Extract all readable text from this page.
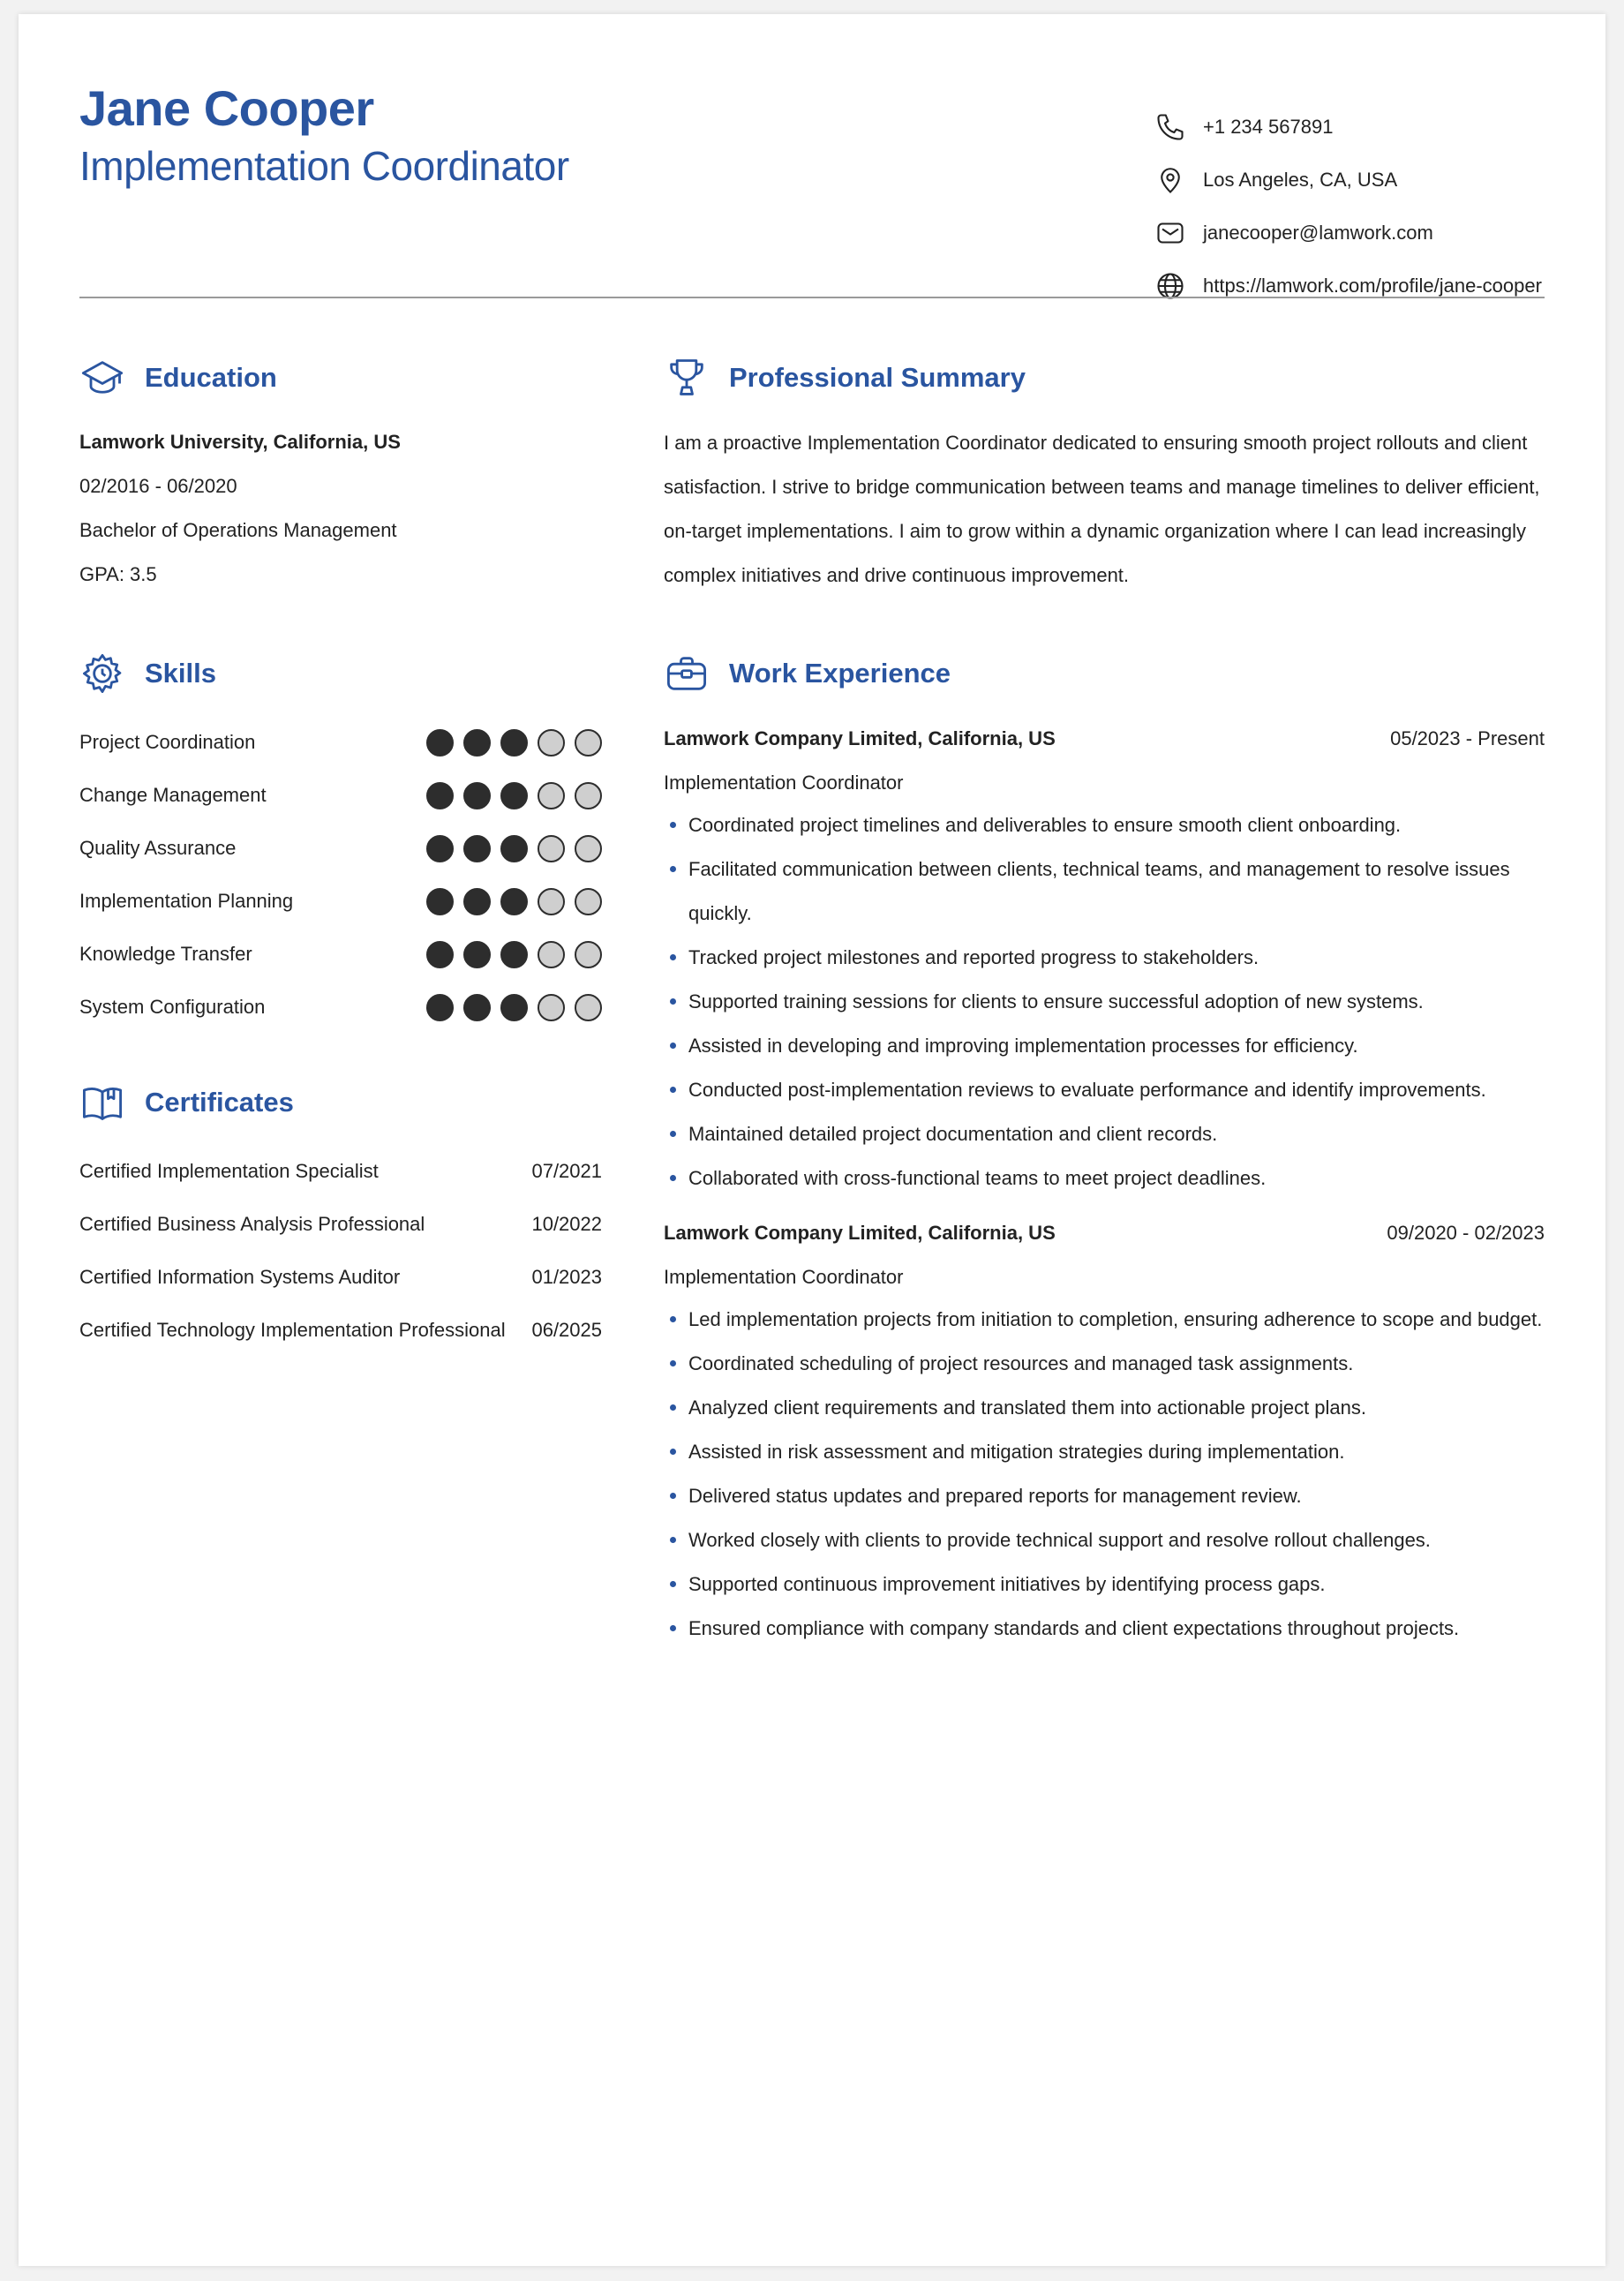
Jane Cooper
Implementation Coordinator
+1 234 567891
Los Angeles, CA, USA
janecooper@lamwork.com
https://lamwork.com/profile/jane-cooper
Education
Lamwork University, California, US
02/2016 - 06/2020
Bachelor of Operations Management
GPA: 3.5
Skills
Project Coordination
Change Management
Quality Assurance
Implementation Planning
Knowledge Transfer
System Configuration
Certificates
Certified Implementation Specialist	07/2021
Certified Business Analysis Professional	10/2022
Certified Information Systems Auditor	01/2023
Certified Technology Implementation Professional 06/2025
Professional Summary
I am a proactive Implementation Coordinator dedicated to ensuring smooth project rollouts and client satisfaction. I strive to bridge communication between teams and manage timelines to deliver efficient, on-target implementations. I aim to grow within a dynamic organization where I can lead increasingly complex initiatives and drive continuous improvement.
Work Experience
Lamwork Company Limited, California, US	05/2023 - Present
Implementation Coordinator
Coordinated project timelines and deliverables to ensure smooth client onboarding.
Facilitated communication between clients, technical teams, and management to resolve issues quickly.
Tracked project milestones and reported progress to stakeholders.
Supported training sessions for clients to ensure successful adoption of new systems.
Assisted in developing and improving implementation processes for efficiency.
Conducted post-implementation reviews to evaluate performance and identify improvements.
Maintained detailed project documentation and client records.
Collaborated with cross-functional teams to meet project deadlines.
Lamwork Company Limited, California, US	09/2020 - 02/2023
Implementation Coordinator
Led implementation projects from initiation to completion, ensuring adherence to scope and budget.
Coordinated scheduling of project resources and managed task assignments.
Analyzed client requirements and translated them into actionable project plans.
Assisted in risk assessment and mitigation strategies during implementation.
Delivered status updates and prepared reports for management review.
Worked closely with clients to provide technical support and resolve rollout challenges.
Supported continuous improvement initiatives by identifying process gaps.
Ensured compliance with company standards and client expectations throughout projects.
